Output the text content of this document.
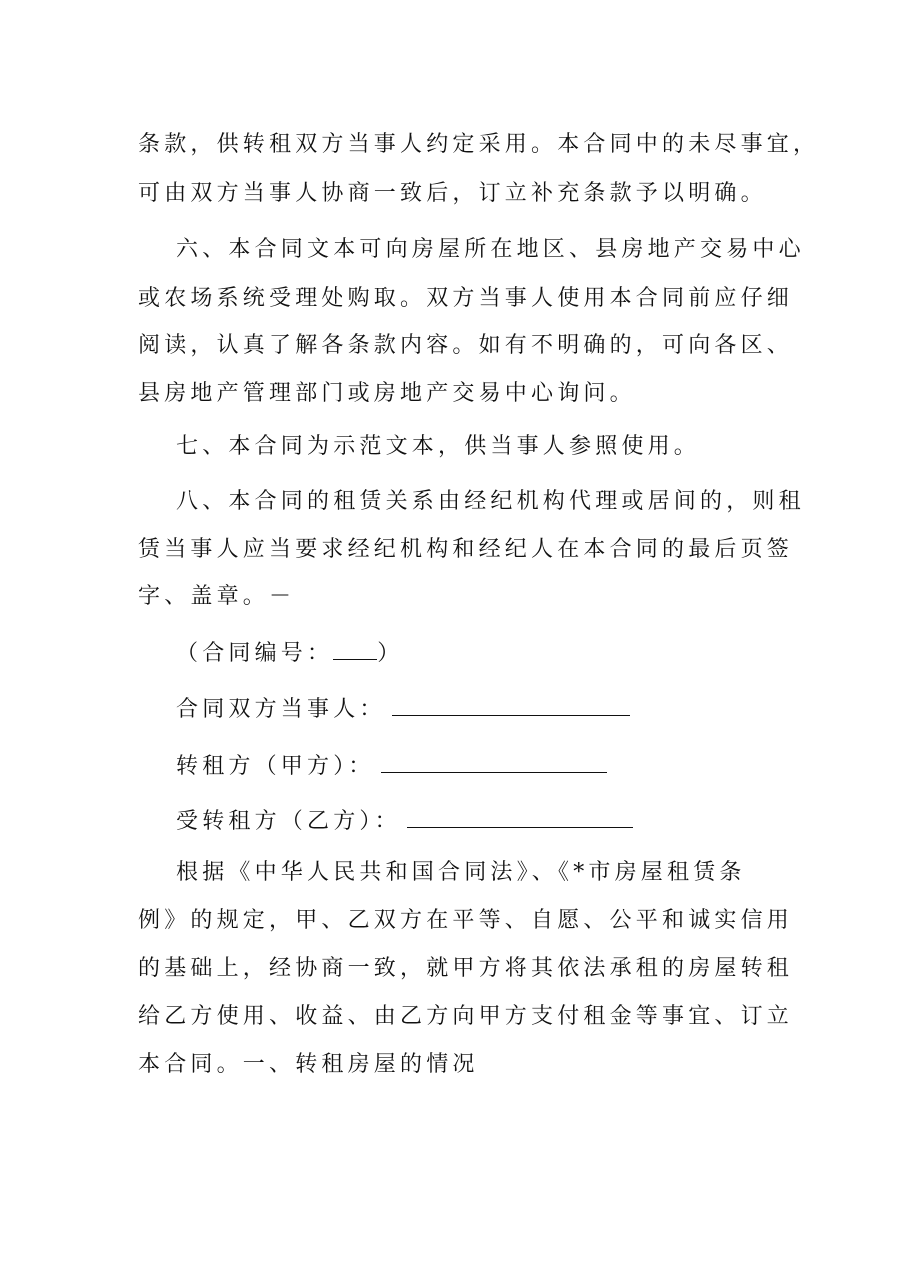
条款，供转租双方当事人约定采用。本合同中的未尽事宜，
可由双方当事人协商一致后，订立补充条款予以明确。
六、本合同文本可向房屋所在地区、县房地产交易中心
或农场系统受理处购取。双方当事人使用本合同前应仔细
阅读，认真了解各条款内容。如有不明确的，可向各区、
县房地产管理部门或房地产交易中心询问。
七、本合同为示范文本，供当事人参照使用。
八、本合同的租赁关系由经纪机构代理或居间的，则租
赁当事人应当要求经纪机构和经纪人在本合同的最后页签
字、盖章。－
（合同编号： ）
合同双方当事人：
转租方（甲方）：
受转租方（乙方）：
根据《中华人民共和国合同法》、《*市房屋租赁条
例》的规定，甲、乙双方在平等、自愿、公平和诚实信用
的基础上，经协商一致，就甲方将其依法承租的房屋转租
给乙方使用、收益、由乙方向甲方支付租金等事宜、订立
本合同。一、转租房屋的情况
